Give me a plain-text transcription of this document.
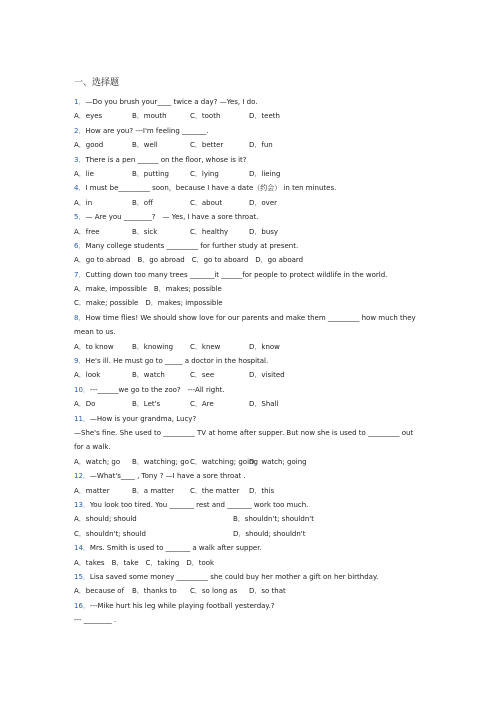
一、选择题
1．—Do you brush your____ twice a day? —Yes, I do.
A．eyes	B．mouth	C．tooth	D．teeth
2．How are you? ---I'm feeling _______.
A．good	B．well	C．better	D．fun
3．There is a pen ______ on the floor, whose is it?
A．lie	B．putting	C．lying	D．lieing
4．I must be_________ soon，because I have a date（约会） in ten minutes.
A．in	B．off	C．about	D．over
5．— Are you ________?　— Yes, I have a sore throat.
A．free	B．sick	C．healthy	D．busy
6．Many college students _________ for further study at present.
A．go to abroad　B．go abroad　C．go to aboard　D．go aboard
7．Cutting down too many trees _______it ______for people to protect wildlife in the world.
A．make, impossible　B．makes; possible
C．make; possible　D．makes; impossible
8．How time flies! We should show love for our parents and make them _________ how much they mean to us.
A．to know	B．knowing C．knew	D．know
9．He's ill. He must go to _____ a doctor in the hospital.
A．look	B．watch	C．see	D．visited
10．---______we go to the zoo?　---All right.
A．Do	B．Let's	C．Are	D．Shall
11．—How is your grandma, Lucy?
—She's fine. She used to _________ TV at home after supper. But now she is used to _________ out for a walk.
A．watch; go B．watching; go C．watching; going
D．watch; going
12．—What's____ , Tony ? —I have a sore throat .
A．matter	B．a matter C．the matter D．this
13．You look too tired. You _______ rest and _______ work too much.
A．should; should	B．shouldn't; shouldn't
C．shouldn't; should	D．should; shouldn't
14．Mrs. Smith is used to _______ a walk after supper.
A．takes　B．take　C．taking　D．took
15．Lisa saved some money _________ she could buy her mother a gift on her birthday.
A．because of B．thanks to C．so long as D．so that
16．---Mike hurt his leg while playing football yesterday.?
--- ________ .
